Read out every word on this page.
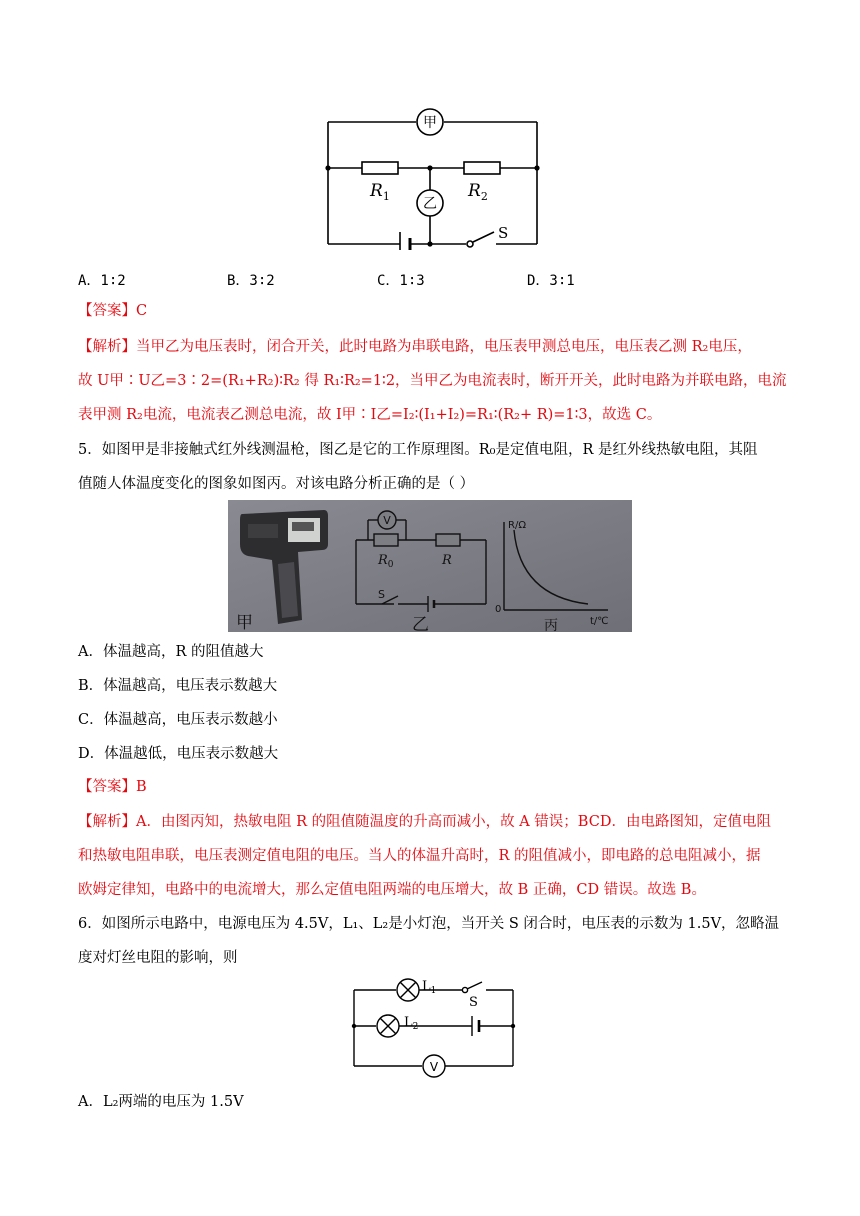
甲
乙
$R_1$	$R_2$
S
A．1∶2	B．3∶2	C．1∶3	D．3∶1
【答案】C
【解析】当甲乙为电压表时，闭合开关，此时电路为串联电路，电压表甲测总电压，电压表乙测 R₂电压，
故 U甲∶U乙=3∶2=(R₁+R₂)∶R₂ 得 R₁∶R₂=1∶2，当甲乙为电流表时，断开开关，此时电路为并联电路，电流
表甲测 R₂电流，电流表乙测总电流，故 I甲∶I乙=I₂∶(I₁+I₂)=R₁∶(R₂+ R)=1∶3，故选 C。
5．如图甲是非接触式红外线测温枪，图乙是它的工作原理图。R₀是定值电阻，R 是红外线热敏电阻，其阻
值随人体温度变化的图象如图丙。对该电路分析正确的是（ ）
V
$R_0$	R
S
R/Ω
t/℃
0
甲	乙	丙
A．体温越高，R 的阻值越大
B．体温越高，电压表示数越大
C．体温越高，电压表示数越小
D．体温越低，电压表示数越大
【答案】B
【解析】A．由图丙知，热敏电阻 R 的阻值随温度的升高而减小，故 A 错误；BCD．由电路图知，定值电阻
和热敏电阻串联，电压表测定值电阻的电压。当人的体温升高时，R 的阻值减小，即电路的总电阻减小，据
欧姆定律知，电路中的电流增大，那么定值电阻两端的电压增大，故 B 正确，CD 错误。故选 B。
6．如图所示电路中，电源电压为 4.5V，L₁、L₂是小灯泡，当开关 S 闭合时，电压表的示数为 1.5V，忽略温
度对灯丝电阻的影响，则
$L_1$
$L_2$
S
V
A．L₂两端的电压为 1.5V
